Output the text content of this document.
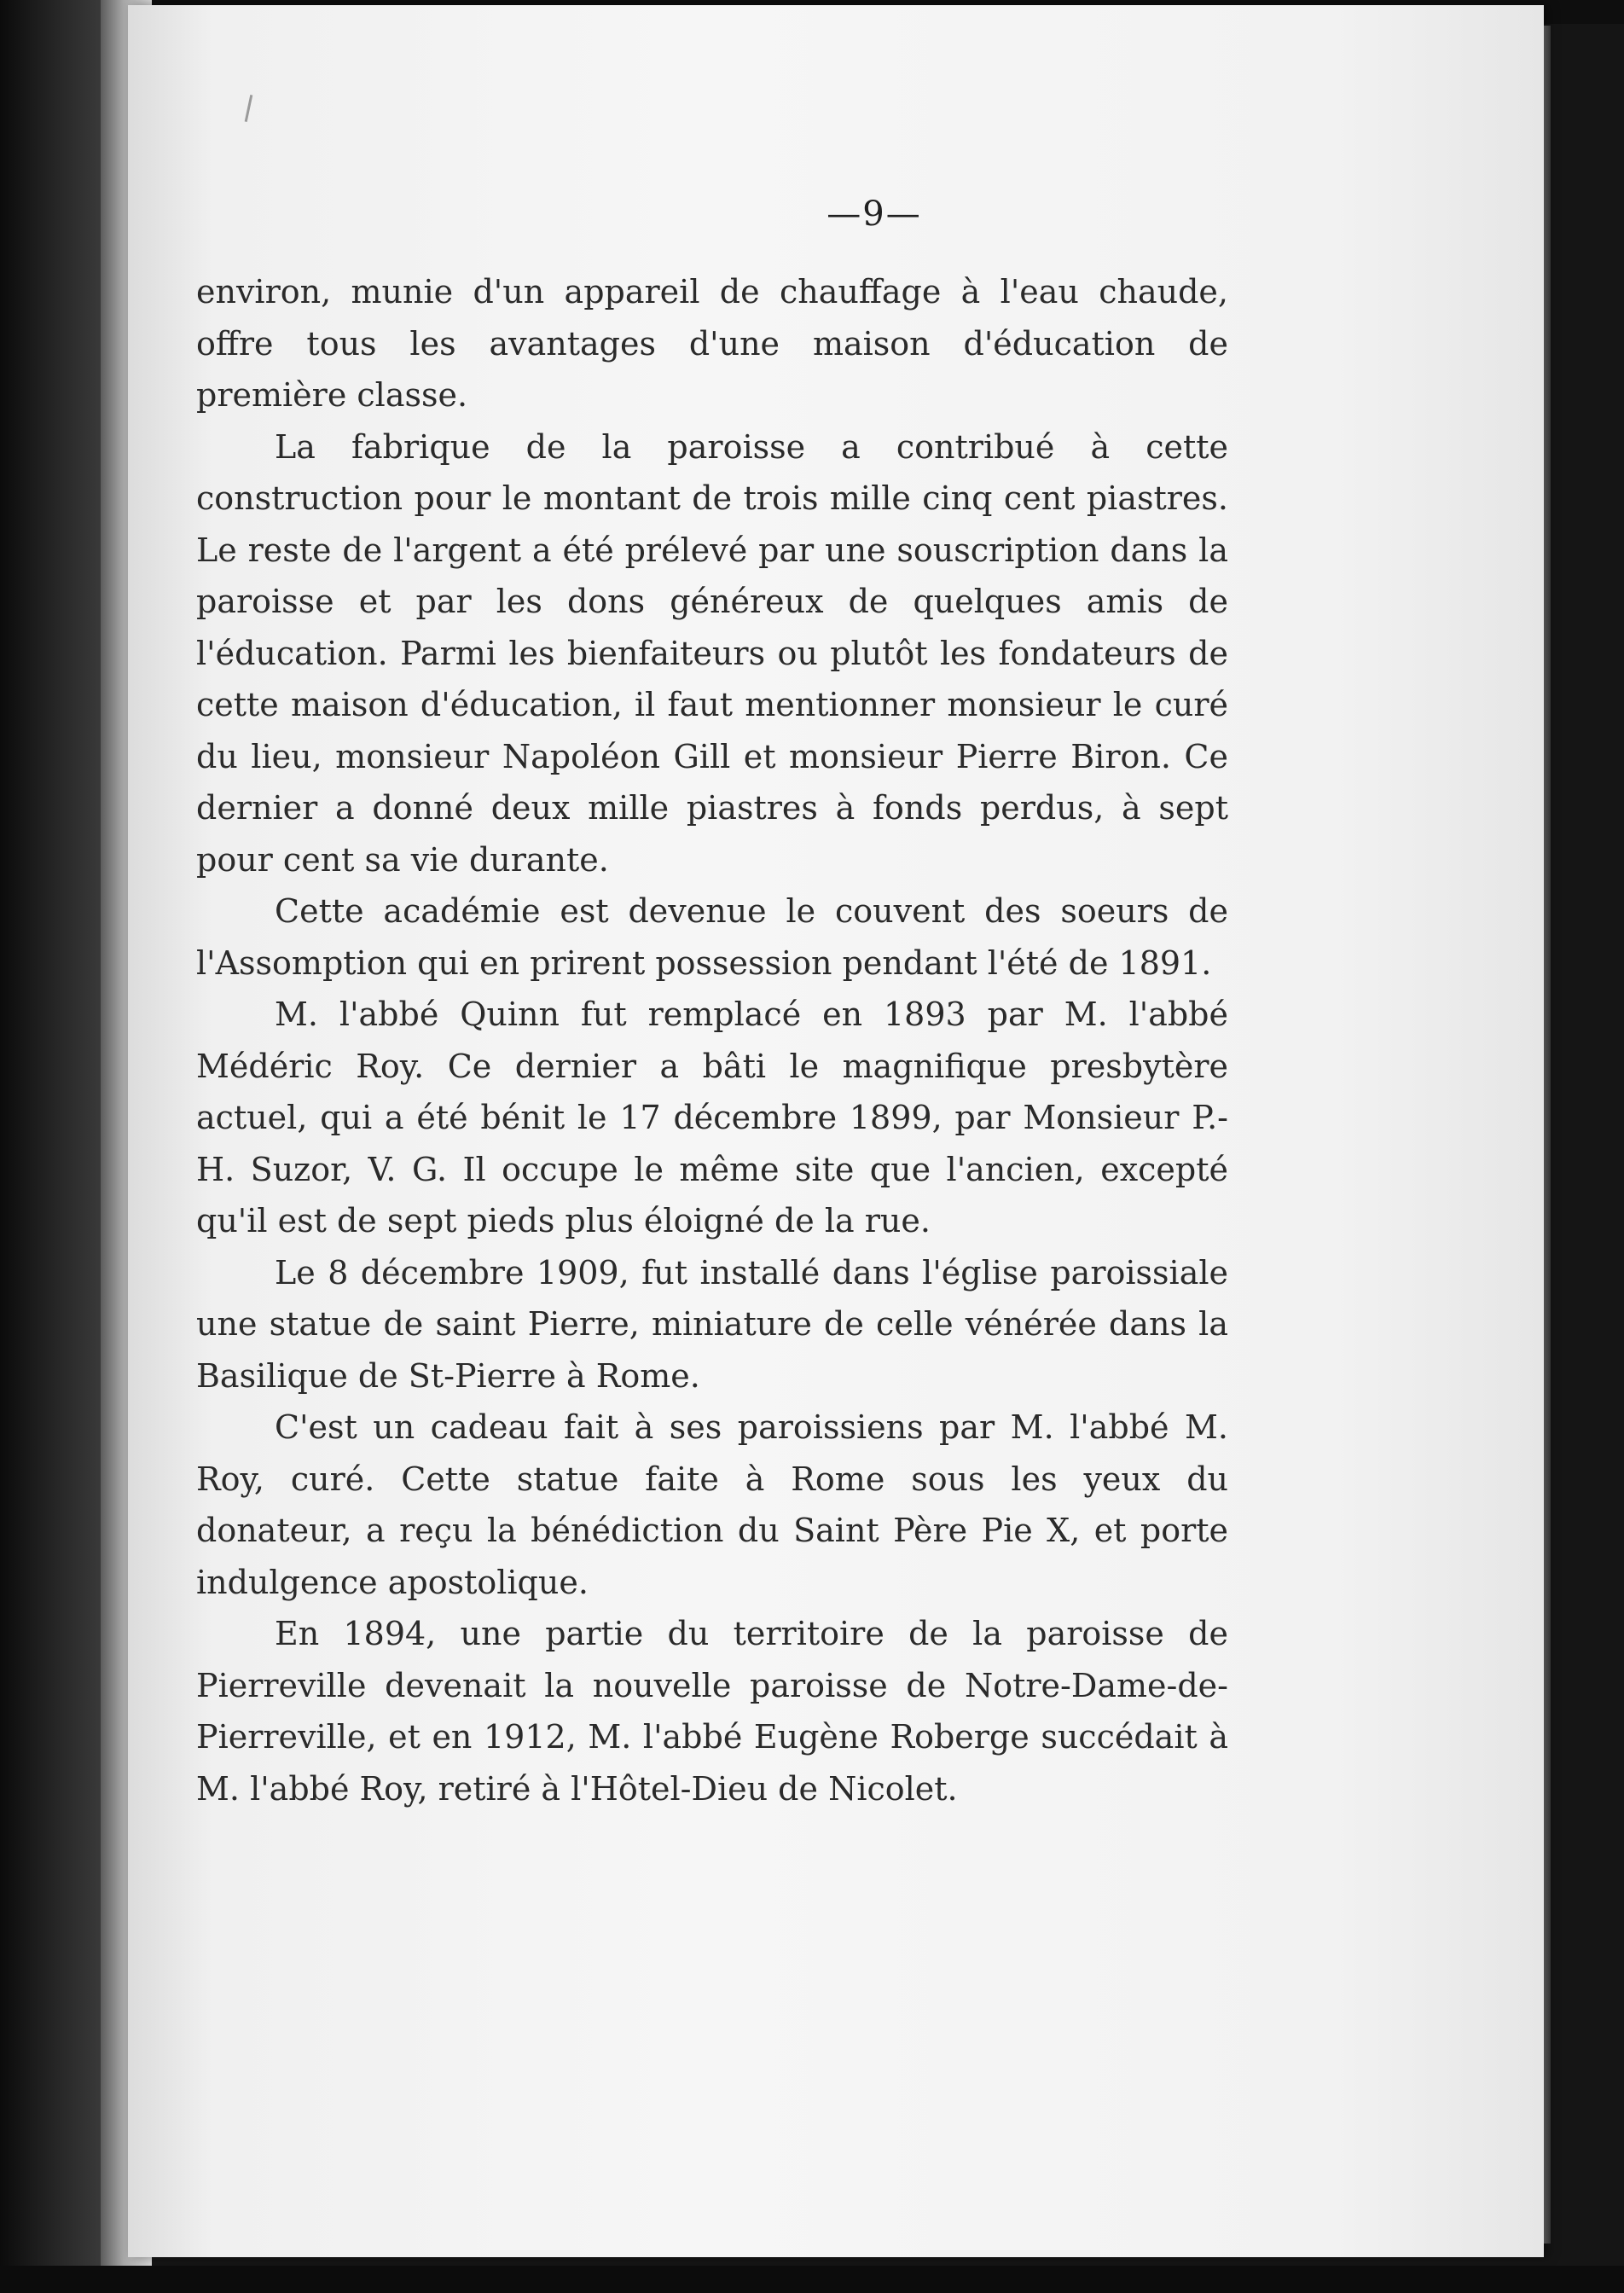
—9—

environ, munie d'un appareil de chauffage à l'eau chaude, offre tous les avantages d'une maison d'éducation de première classe.

La fabrique de la paroisse a contribué à cette construction pour le montant de trois mille cinq cent piastres. Le reste de l'argent a été prélevé par une souscription dans la paroisse et par les dons généreux de quelques amis de l'éducation. Parmi les bienfaiteurs ou plutôt les fondateurs de cette maison d'éducation, il faut mentionner monsieur le curé du lieu, monsieur Napoléon Gill et monsieur Pierre Biron. Ce dernier a donné deux mille piastres à fonds perdus, à sept pour cent sa vie durante.

Cette académie est devenue le couvent des soeurs de l'Assomption qui en prirent possession pendant l'été de 1891.

M. l'abbé Quinn fut remplacé en 1893 par M. l'abbé Médéric Roy. Ce dernier a bâti le magnifique presbytère actuel, qui a été bénit le 17 décembre 1899, par Monsieur P.-H. Suzor, V. G. Il occupe le même site que l'ancien, excepté qu'il est de sept pieds plus éloigné de la rue.

Le 8 décembre 1909, fut installé dans l'église paroissiale une statue de saint Pierre, miniature de celle vénérée dans la Basilique de St-Pierre à Rome.

C'est un cadeau fait à ses paroissiens par M. l'abbé M. Roy, curé. Cette statue faite à Rome sous les yeux du donateur, a reçu la bénédiction du Saint Père Pie X, et porte indulgence apostolique.

En 1894, une partie du territoire de la paroisse de Pierreville devenait la nouvelle paroisse de Notre-Dame-de-Pierreville, et en 1912, M. l'abbé Eugène Roberge succédait à M. l'abbé Roy, retiré à l'Hôtel-Dieu de Nicolet.
